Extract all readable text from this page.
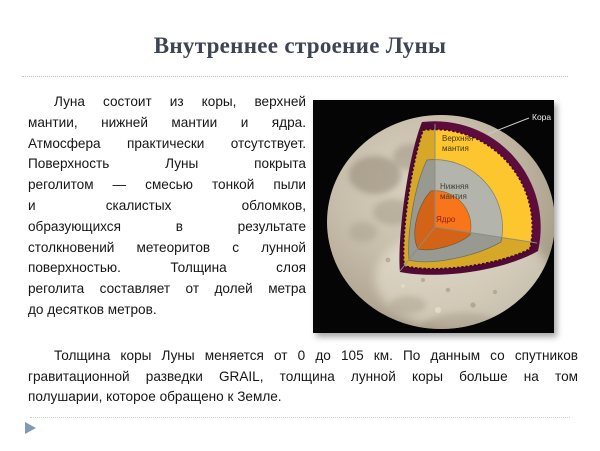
Внутреннее строение Луны
Луна состоит из коры, верхней
мантии, нижней мантии и ядра.
Атмосфера практически отсутствует.
Поверхность Луны покрыта
реголитом — смесью тонкой пыли
и скалистых обломков,
образующихся в результате
столкновений метеоритов с лунной
поверхностью. Толщина слоя
реголита составляет от долей метра
до десятков метров.
Кора
Верхняя
мантия
Нижняя
мантия
Ядро
Толщина коры Луны меняется от 0 до 105 км. По данным со спутников
гравитационной разведки GRAIL, толщина лунной коры больше на том
полушарии, которое обращено к Земле.
